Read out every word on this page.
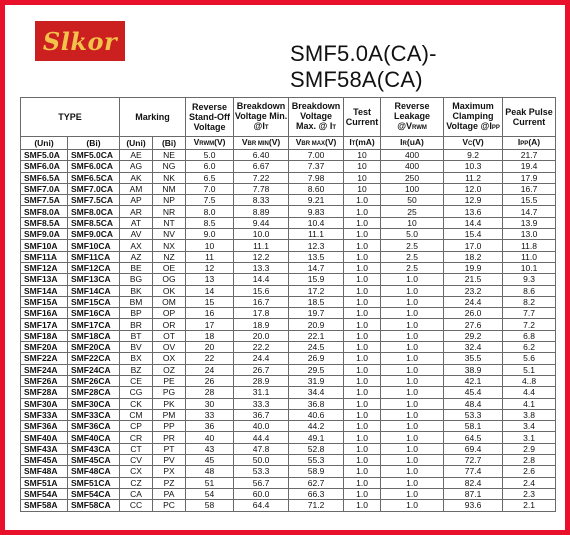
Slkor	SMF5.0A(CA)-SMF58A(CA)
TYPE		Marking		Reverse Stand-Off Voltage	Breakdown Voltage Min. @IT	Breakdown Voltage Max. @ IT	Test Current	Reverse Leakage @VRWM	Maximum Clamping Voltage @IPP	Peak Pulse Current
(Uni)	(Bi)	(Uni)	(Bi)	VRWM(V)	VBR MIN(V)	VBR MAX(V)	IT(mA)	IR(uA)	VC(V)	IPP(A)
SMF5.0A	SMF5.0CA	AE	NE	5.0	6.40	7.00	10	400	9.2	21.7
SMF6.0A	SMF6.0CA	AG	NG	6.0	6.67	7.37	10	400	10.3	19.4
SMF6.5A	SMF6.5CA	AK	NK	6.5	7.22	7.98	10	250	11.2	17.9
SMF7.0A	SMF7.0CA	AM	NM	7.0	7.78	8.60	10	100	12.0	16.7
SMF7.5A	SMF7.5CA	AP	NP	7.5	8.33	9.21	1.0	50	12.9	15.5
SMF8.0A	SMF8.0CA	AR	NR	8.0	8.89	9.83	1.0	25	13.6	14.7
SMF8.5A	SMF8.5CA	AT	NT	8.5	9.44	10.4	1.0	10	14.4	13.9
SMF9.0A	SMF9.0CA	AV	NV	9.0	10.0	11.1	1.0	5.0	15.4	13.0
SMF10A	SMF10CA	AX	NX	10	11.1	12.3	1.0	2.5	17.0	11.8
SMF11A	SMF11CA	AZ	NZ	11	12.2	13.5	1.0	2.5	18.2	11.0
SMF12A	SMF12CA	BE	OE	12	13.3	14.7	1.0	2.5	19.9	10.1
SMF13A	SMF13CA	BG	OG	13	14.4	15.9	1.0	1.0	21.5	9.3
SMF14A	SMF14CA	BK	OK	14	15.6	17.2	1.0	1.0	23.2	8.6
SMF15A	SMF15CA	BM	OM	15	16.7	18.5	1.0	1.0	24.4	8.2
SMF16A	SMF16CA	BP	OP	16	17.8	19.7	1.0	1.0	26.0	7.7
SMF17A	SMF17CA	BR	OR	17	18.9	20.9	1.0	1.0	27.6	7.2
SMF18A	SMF18CA	BT	OT	18	20.0	22.1	1.0	1.0	29.2	6.8
SMF20A	SMF20CA	BV	OV	20	22.2	24.5	1.0	1.0	32.4	6.2
SMF22A	SMF22CA	BX	OX	22	24.4	26.9	1.0	1.0	35.5	5.6
SMF24A	SMF24CA	BZ	OZ	24	26.7	29.5	1.0	1.0	38.9	5.1
SMF26A	SMF26CA	CE	PE	26	28.9	31.9	1.0	1.0	42.1	4..8
SMF28A	SMF28CA	CG	PG	28	31.1	34.4	1.0	1.0	45.4	4.4
SMF30A	SMF30CA	CK	PK	30	33.3	36.8	1.0	1.0	48.4	4.1
SMF33A	SMF33CA	CM	PM	33	36.7	40.6	1.0	1.0	53.3	3.8
SMF36A	SMF36CA	CP	PP	36	40.0	44.2	1.0	1.0	58.1	3.4
SMF40A	SMF40CA	CR	PR	40	44.4	49.1	1.0	1.0	64.5	3.1
SMF43A	SMF43CA	CT	PT	43	47.8	52.8	1.0	1.0	69.4	2.9
SMF45A	SMF45CA	CV	PV	45	50.0	55.3	1.0	1.0	72.7	2.8
SMF48A	SMF48CA	CX	PX	48	53.3	58.9	1.0	1.0	77.4	2.6
SMF51A	SMF51CA	CZ	PZ	51	56.7	62.7	1.0	1.0	82.4	2.4
SMF54A	SMF54CA	CA	PA	54	60.0	66.3	1.0	1.0	87.1	2.3
SMF58A	SMF58CA	CC	PC	58	64.4	71.2	1.0	1.0	93.6	2.1
